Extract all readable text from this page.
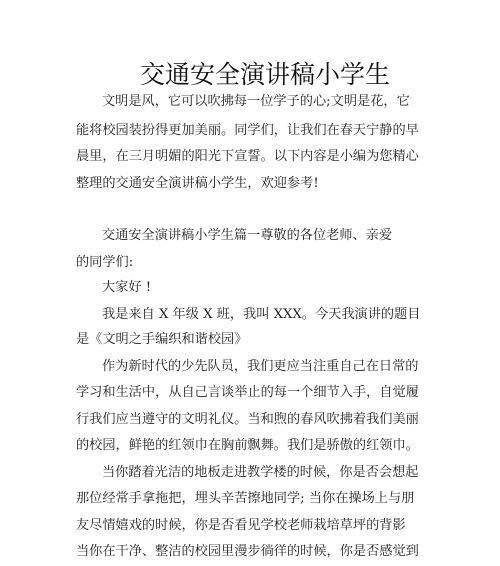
交通安全演讲稿小学生
文明是风，它可以吹拂每一位学子的心;文明是花，它
能将校园装扮得更加美丽。同学们，让我们在春天宁静的早
晨里，在三月明媚的阳光下宣誓。以下内容是小编为您精心
整理的交通安全演讲稿小学生，欢迎参考!
交通安全演讲稿小学生篇一尊敬的各位老师、亲爱
的同学们:
大家好 !
我是来自 X 年级 X 班，我叫 XXX。今天我演讲的题目
是《文明之手编织和谐校园》
作为新时代的少先队员，我们更应当注重自己在日常的
学习和生活中，从自己言谈举止的每一个细节入手，自觉履
行我们应当遵守的文明礼仪。当和煦的春风吹拂着我们美丽
的校园，鲜艳的红领巾在胸前飘舞。我们是骄傲的红领巾。
当你踏着光洁的地板走进教学楼的时候，你是否会想起
那位经常手拿拖把，埋头辛苦擦地同学; 当你在操场上与朋
友尽情嬉戏的时候，你是否看见学校老师栽培草坪的背影
当你在干净、整洁的校园里漫步徜徉的时候，你是否感觉到
